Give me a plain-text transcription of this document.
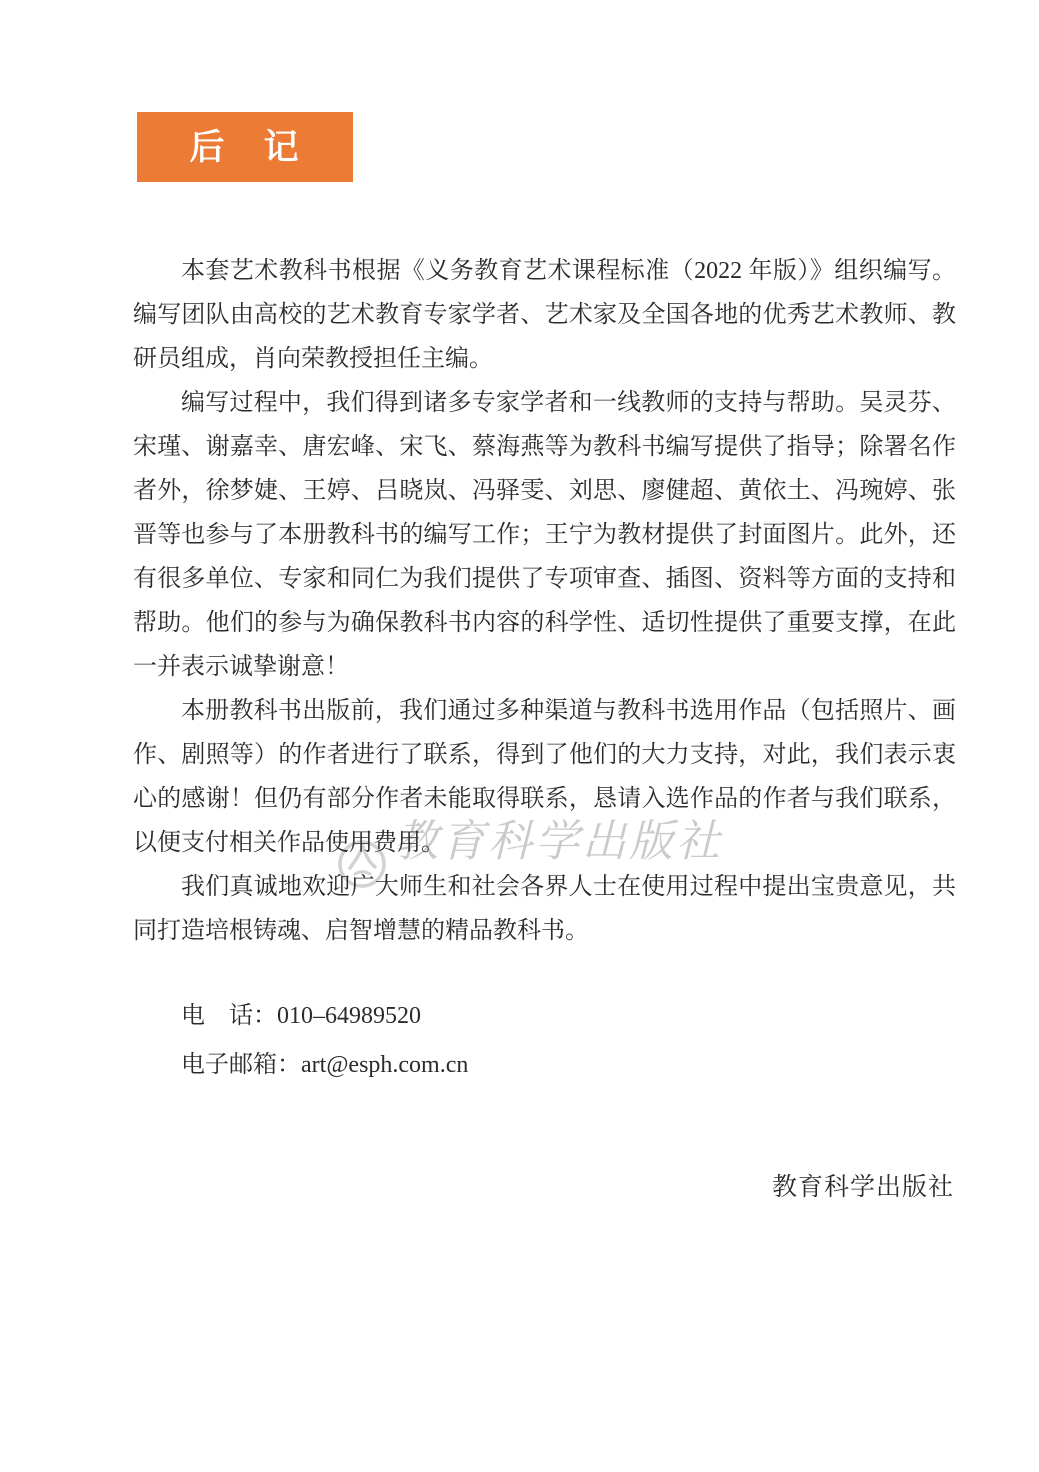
后　记
教育科学出版社

本套艺术教科书根据《义务教育艺术课程标准（2022 年版）》组织编写。编写团队由高校的艺术教育专家学者、艺术家及全国各地的优秀艺术教师、教研员组成，肖向荣教授担任主编。

编写过程中，我们得到诸多专家学者和一线教师的支持与帮助。吴灵芬、宋瑾、谢嘉幸、唐宏峰、宋飞、蔡海燕等为教科书编写提供了指导；除署名作者外，徐梦婕、王婷、吕晓岚、冯驿雯、刘思、廖健超、黄依土、冯琬婷、张晋等也参与了本册教科书的编写工作；王宁为教材提供了封面图片。此外，还有很多单位、专家和同仁为我们提供了专项审查、插图、资料等方面的支持和帮助。他们的参与为确保教科书内容的科学性、适切性提供了重要支撑，在此一并表示诚挚谢意！

本册教科书出版前，我们通过多种渠道与教科书选用作品（包括照片、画作、剧照等）的作者进行了联系，得到了他们的大力支持，对此，我们表示衷心的感谢！但仍有部分作者未能取得联系，恳请入选作品的作者与我们联系，以便支付相关作品使用费用。

我们真诚地欢迎广大师生和社会各界人士在使用过程中提出宝贵意见，共同打造培根铸魂、启智增慧的精品教科书。

电　话：010–64989520
电子邮箱：art@esph.com.cn
教育科学出版社
